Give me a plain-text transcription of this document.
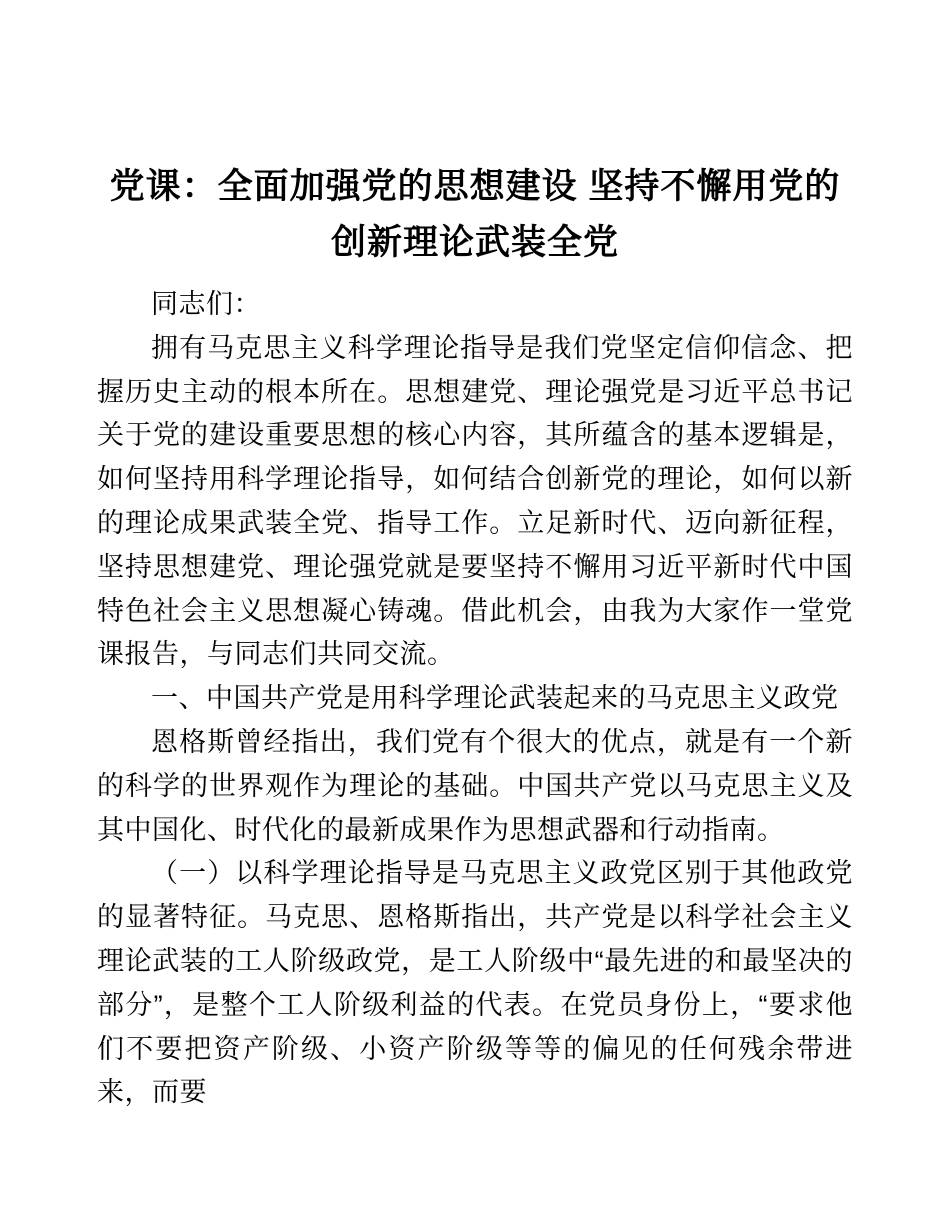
党课：全面加强党的思想建设 坚持不懈用党的
创新理论武装全党

同志们：

拥有马克思主义科学理论指导是我们党坚定信仰信念、把握历史主动的根本所在。思想建党、理论强党是习近平总书记关于党的建设重要思想的核心内容，其所蕴含的基本逻辑是，如何坚持用科学理论指导，如何结合创新党的理论，如何以新的理论成果武装全党、指导工作。立足新时代、迈向新征程，坚持思想建党、理论强党就是要坚持不懈用习近平新时代中国特色社会主义思想凝心铸魂。借此机会，由我为大家作一堂党课报告，与同志们共同交流。

一、中国共产党是用科学理论武装起来的马克思主义政党

恩格斯曾经指出，我们党有个很大的优点，就是有一个新的科学的世界观作为理论的基础。中国共产党以马克思主义及其中国化、时代化的最新成果作为思想武器和行动指南。

（一）以科学理论指导是马克思主义政党区别于其他政党的显著特征。马克思、恩格斯指出，共产党是以科学社会主义理论武装的工人阶级政党，是工人阶级中“最先进的和最坚决的部分”，是整个工人阶级利益的代表。在党员身份上，“要求他们不要把资产阶级、小资产阶级等等的偏见的任何残余带进来，而要
